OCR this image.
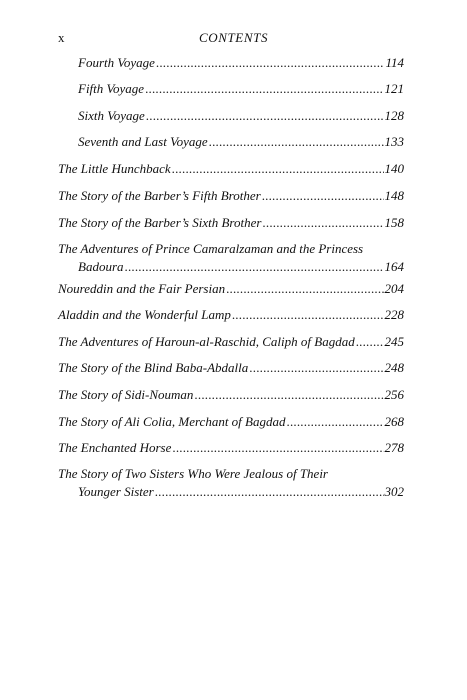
x	CONTENTS
Fourth Voyage .....	114
Fifth Voyage .....	121
Sixth Voyage .....	128
Seventh and Last Voyage .....	133
The Little Hunchback .....	140
The Story of the Barber’s Fifth Brother .....	148
The Story of the Barber’s Sixth Brother .....	158
The Adventures of Prince Camaralzaman and the Princess
Badoura .....	164
Noureddin and the Fair Persian .....	204
Aladdin and the Wonderful Lamp .....	228
The Adventures of Haroun-al-Raschid, Caliph of Bagdad ..... 245
The Story of the Blind Baba-Abdalla .....	248
The Story of Sidi-Nouman .....	256
The Story of Ali Colia, Merchant of Bagdad .....	268
The Enchanted Horse .....	278
The Story of Two Sisters Who Were Jealous of Their
Younger Sister .....	302
